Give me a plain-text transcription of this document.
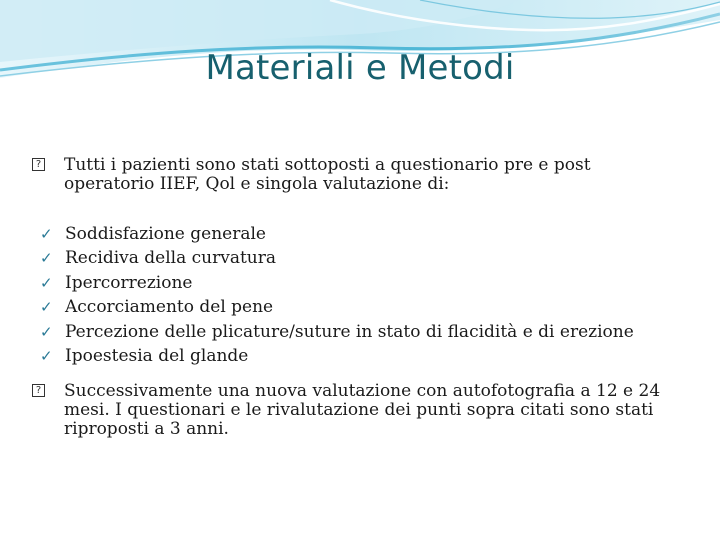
Materiali e Metodi
?	Tutti i pazienti sono stati sottoposti a questionario pre e post operatorio IIEF, Qol e singola valutazione di:
✓ Soddisfazione generale
✓ Recidiva della curvatura
✓ Ipercorrezione
✓ Accorciamento del pene
✓ Percezione delle plicature/suture in stato di flacidità e di erezione
✓ Ipoestesia del glande
?	Successivamente una nuova valutazione con autofotografia a 12 e 24 mesi. I questionari e le rivalutazione dei punti sopra citati sono stati riproposti a 3 anni.
